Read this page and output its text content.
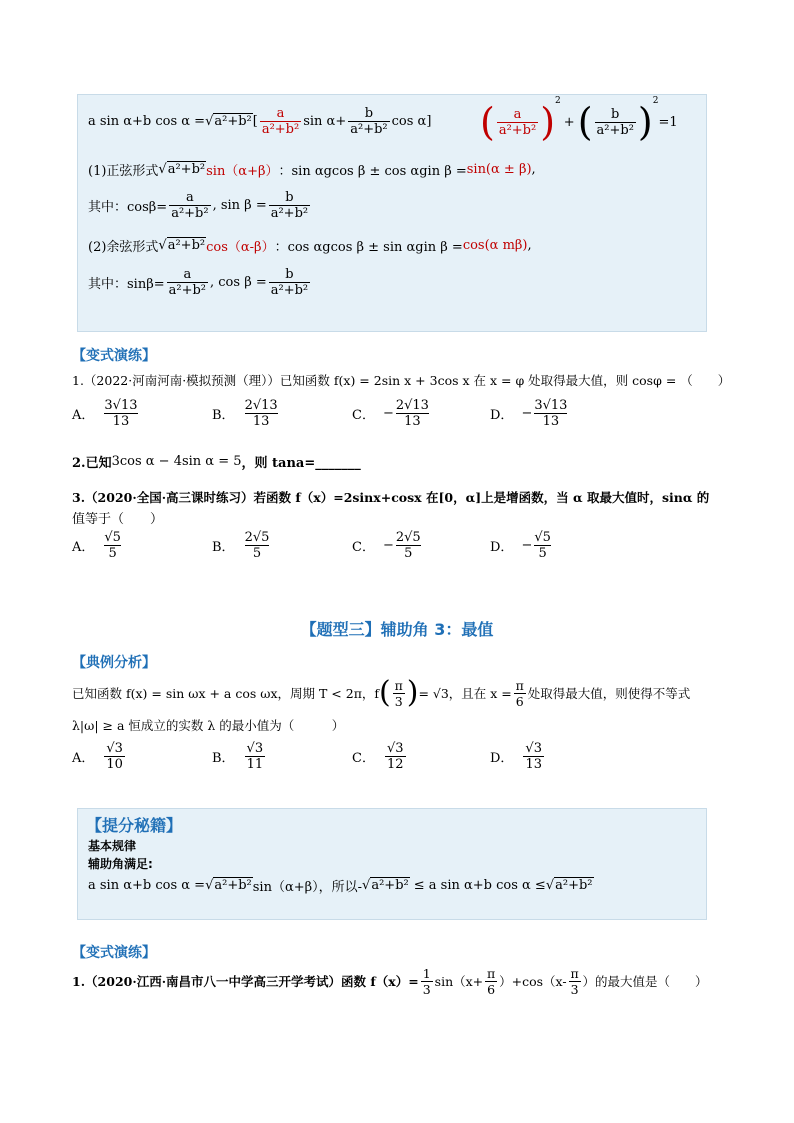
a sin α+b cos α = √a²+b² [ $\frac{a}{\text{a²+b²}}$ $\sin \alpha+ \frac{b}{\text{a²+b²}}$ cos α] ( $\frac{a}{\text{a²+b²}} )^2$
+ ( $\frac{b}{\text{a²+b²}} )^2$
=1
(1)正弦形式 √a²+b² sin（α+β） ：sin αgcos β ± cos αgin β = sin(α ± β) ,
其中：$\cos\beta= \frac{a}{\text{a²+b²}}$ , $\sin \beta = \frac{b}{\text{a²+b²}}$
(2)余弦形式 √a²+b² cos（α-β） ：cos αgcos β ± sin αgin β = cos(α mβ) ,
其中：$\sin\beta= \frac{a}{\text{a²+b²}}$ , $\cos \beta = \frac{b}{\text{a²+b²}}$
【变式演练】
1.（2022·河南河南·模拟预测（理））已知函数 f(x) = 2sin x + 3cos x 在 x = φ 处取得最大值，则 cosφ = （　　）
A． $\frac{3√13}{13}$	B． $\frac{2√13}{13}$	C． − $\frac{2√13}{13}$	D． − $\frac{3√13}{13}$
2.已知 3cos α − 4sin α = 5 ，则 tana=_______
3.（2020·全国·高三课时练习）若函数 f（x）=2sinx+cosx 在[0，α]上是增函数，当 α 取最大值时，sinα 的
值等于（　　）
A． $\frac{√5}{5}$	B． $\frac{2√5}{5}$	C． − $\frac{2√5}{5}$	D． − $\frac{√5}{5}$
【题型三】辅助角 3：最值
【典例分析】
已知函数 f(x) = sin ωx + a cos ωx，周期 T < 2π， f ( $\frac{\pi}{3}$ ) = √3，且在 $x = \frac{\pi}{6}$ 处取得最大值，则使得不等式
λ|ω| ≥ a 恒成立的实数 λ 的最小值为（　　　）
A． $\frac{√3}{10}$	B． $\frac{√3}{11}$	C． $\frac{√3}{12}$	D． $\frac{√3}{13}$
【提分秘籍】
基本规律
辅助角满足:
a sin α+b cos α = √a²+b² sin（α+β），所以- √a²+b² ≤ a sin α+b cos α ≤ √a²+b²
【变式演练】
1.（2020·江西·南昌市八一中学高三开学考试）函数 $f(x)= \frac{1}{3} \sin(x+ \frac{\pi}{6} )+\cos(x- \frac{\pi}{3}$ ）的最大值是（　　）
